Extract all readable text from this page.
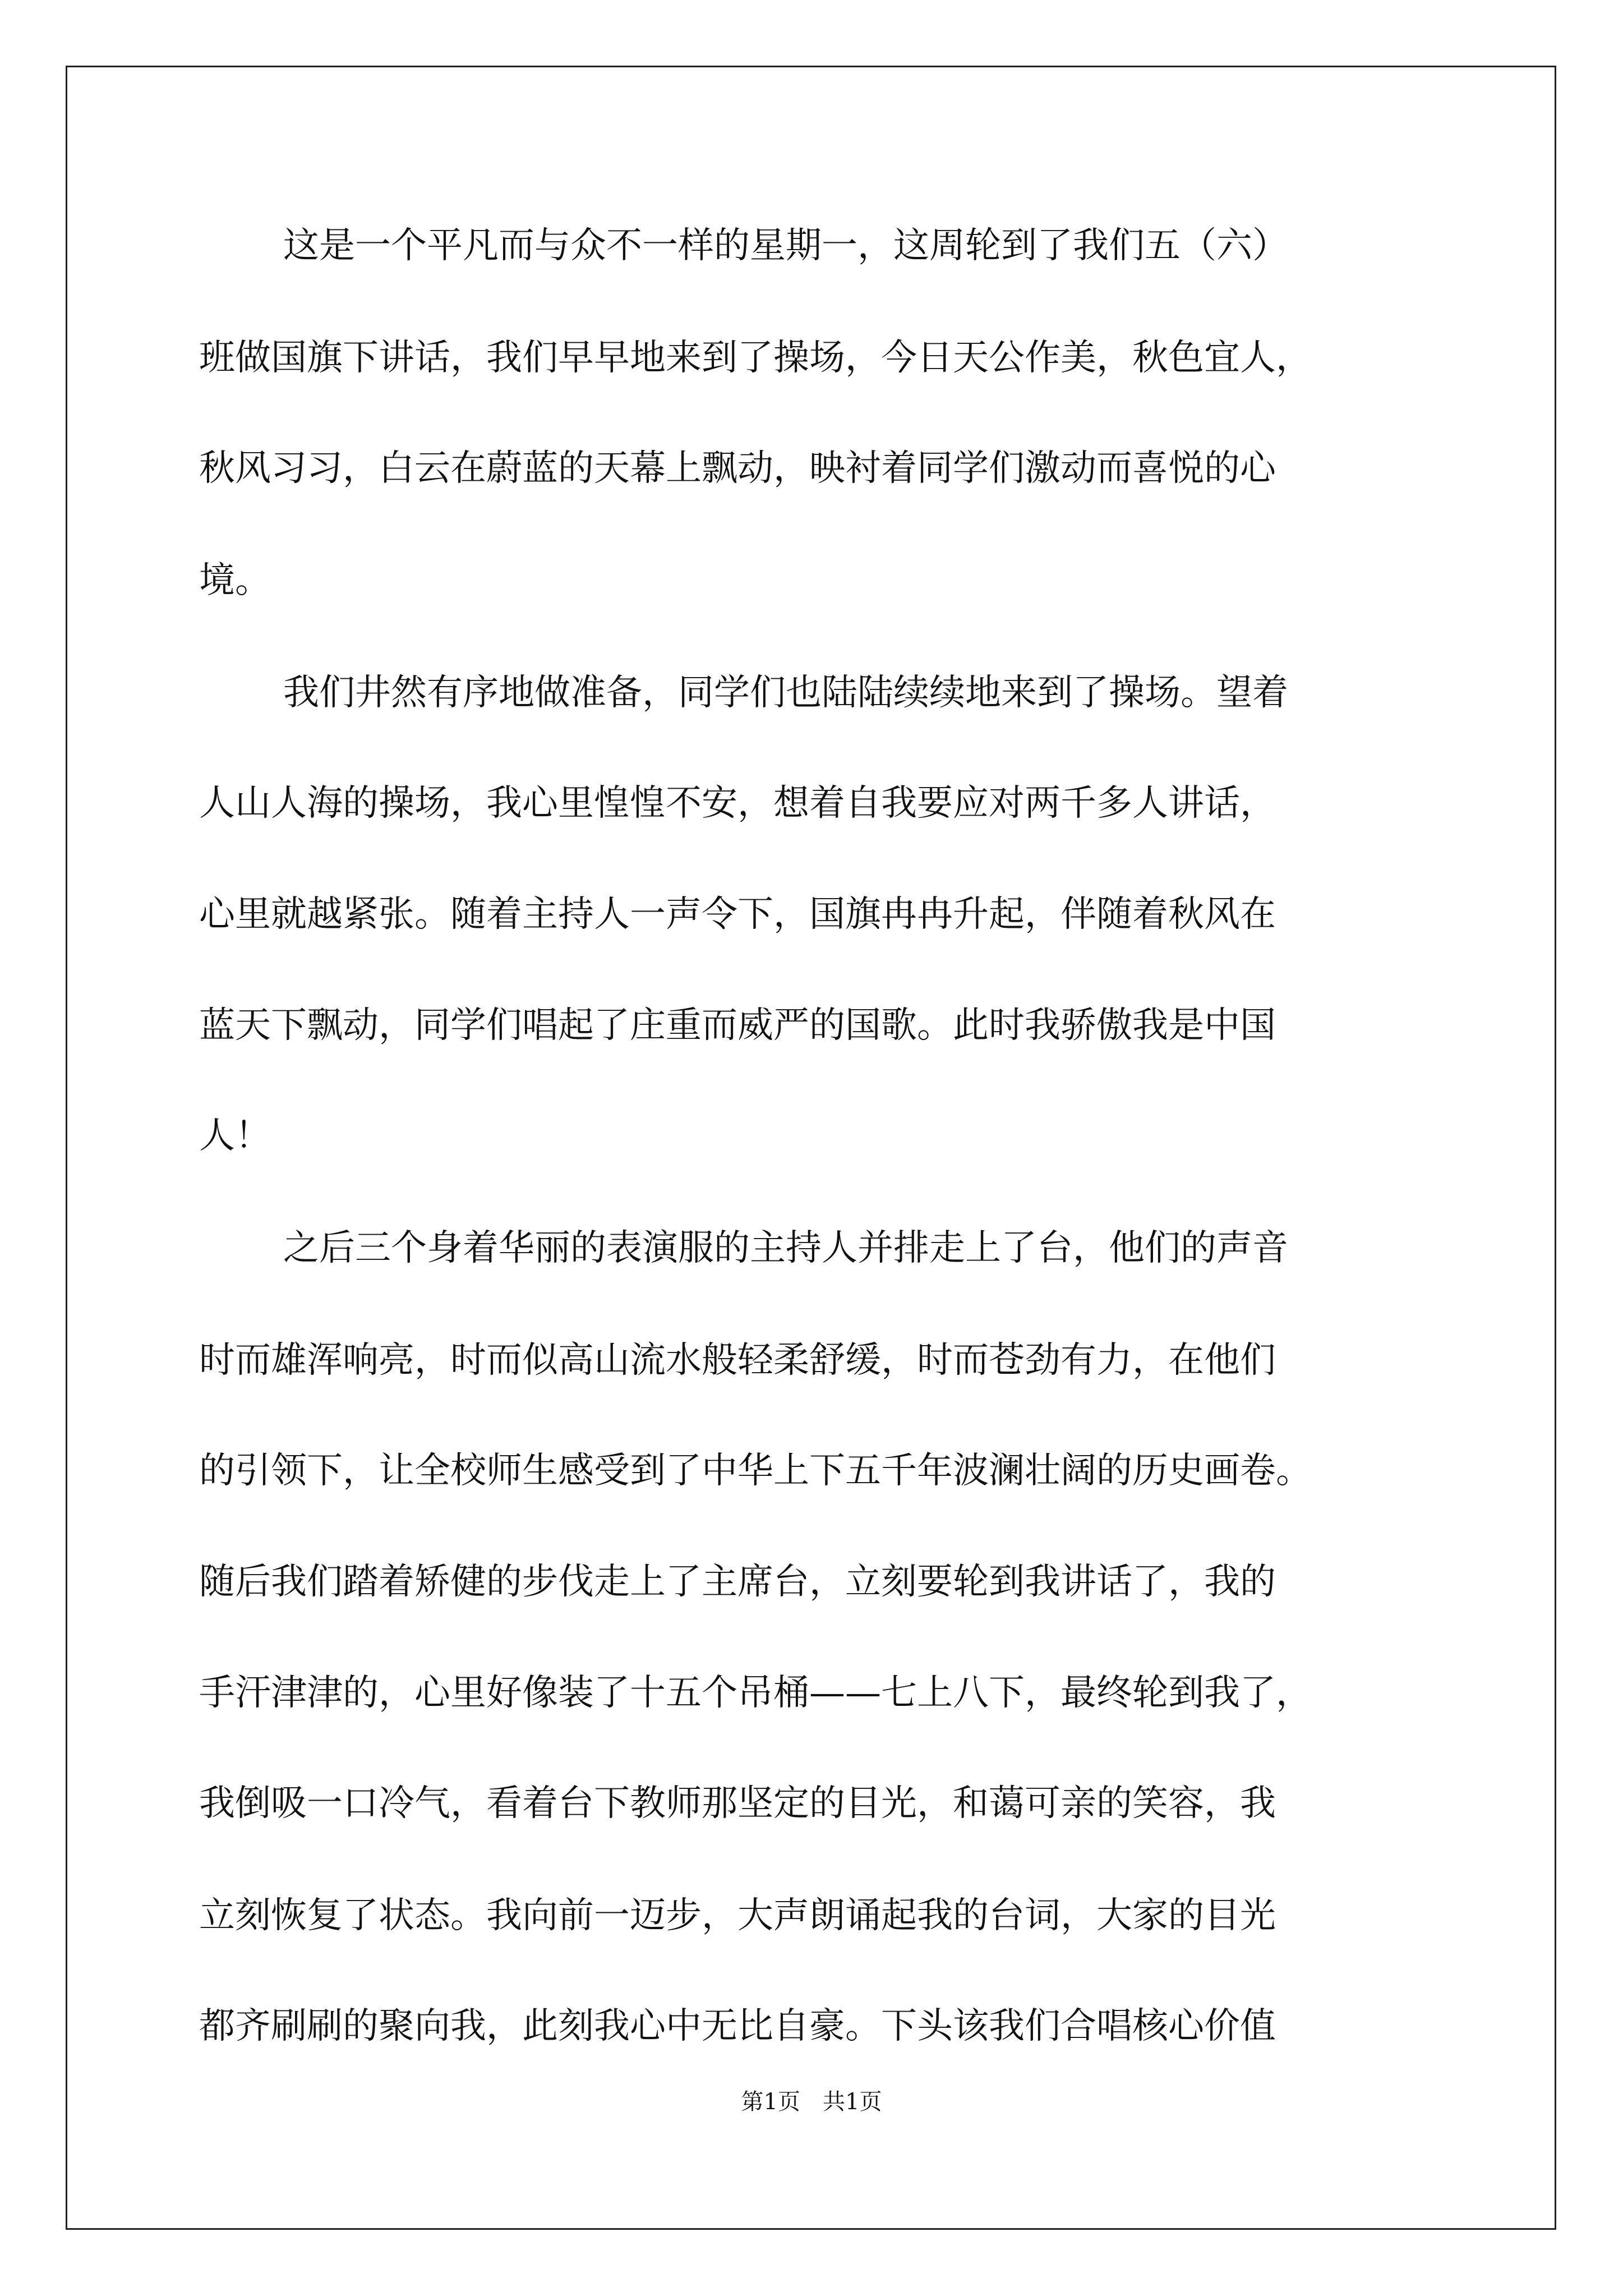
这是一个平凡而与众不一样的星期一，这周轮到了我们五（六）
班做国旗下讲话，我们早早地来到了操场，今日天公作美，秋色宜人，
秋风习习，白云在蔚蓝的天幕上飘动，映衬着同学们激动而喜悦的心
境。
我们井然有序地做准备，同学们也陆陆续续地来到了操场。望着
人山人海的操场，我心里惶惶不安，想着自我要应对两千多人讲话，
心里就越紧张。随着主持人一声令下，国旗冉冉升起，伴随着秋风在
蓝天下飘动，同学们唱起了庄重而威严的国歌。此时我骄傲我是中国
人！
之后三个身着华丽的表演服的主持人并排走上了台，他们的声音
时而雄浑响亮，时而似高山流水般轻柔舒缓，时而苍劲有力，在他们
的引领下，让全校师生感受到了中华上下五千年波澜壮阔的历史画卷。
随后我们踏着矫健的步伐走上了主席台，立刻要轮到我讲话了，我的
手汗津津的，心里好像装了十五个吊桶——七上八下，最终轮到我了，
我倒吸一口冷气，看着台下教师那坚定的目光，和蔼可亲的笑容，我
立刻恢复了状态。我向前一迈步，大声朗诵起我的台词，大家的目光
都齐刷刷的聚向我，此刻我心中无比自豪。下头该我们合唱核心价值
第1页　共1页
